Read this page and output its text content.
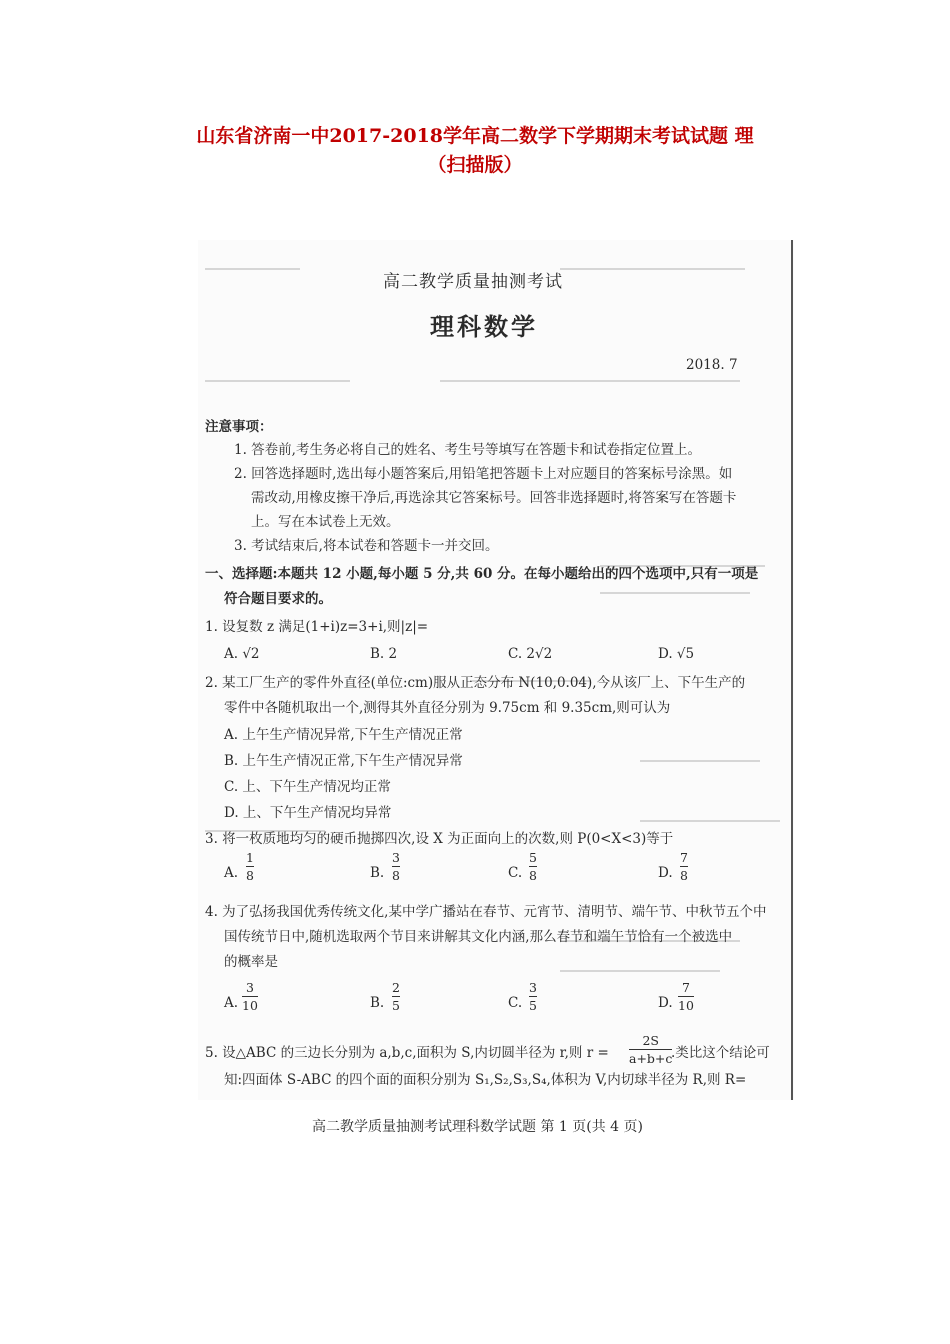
山东省济南一中2017-2018学年高二数学下学期期末考试试题 理
（扫描版）
高二教学质量抽测考试
理科数学
2018. 7
注意事项：
1. 答卷前,考生务必将自己的姓名、考生号等填写在答题卡和试卷指定位置上。
2. 回答选择题时,选出每小题答案后,用铅笔把答题卡上对应题目的答案标号涂黑。如
需改动,用橡皮擦干净后,再选涂其它答案标号。回答非选择题时,将答案写在答题卡
上。写在本试卷上无效。
3. 考试结束后,将本试卷和答题卡一并交回。
一、选择题:本题共 12 小题,每小题 5 分,共 60 分。在每小题给出的四个选项中,只有一项是
符合题目要求的。
1. 设复数 z 满足(1+i)z=3+i,则|z|=
A. √2	B. 2	C. 2√2	D. √5
2. 某工厂生产的零件外直径(单位:cm)服从正态分布 N(10,0.04),今从该厂上、下午生产的
零件中各随机取出一个,测得其外直径分别为 9.75cm 和 9.35cm,则可认为
A. 上午生产情况异常,下午生产情况正常
B. 上午生产情况正常,下午生产情况异常
C. 上、下午生产情况均正常
D. 上、下午生产情况均异常
3. 将一枚质地均匀的硬币抛掷四次,设 X 为正面向上的次数,则 P(0<X<3)等于
A.
1
8	B.
3
8	C.
5
8	D.
7
8
4. 为了弘扬我国优秀传统文化,某中学广播站在春节、元宵节、清明节、端午节、中秋节五个中
国传统节日中,随机选取两个节目来讲解其文化内涵,那么春节和端午节恰有一个被选中
的概率是
A.
3
10	B.
2
5	C.
3
5	D.
7
10
5. 设△ABC 的三边长分别为 a,b,c,面积为 S,内切圆半径为 r,则 r =
2S
a+b+c
.类比这个结论可
知:四面体 S-ABC 的四个面的面积分别为 S₁,S₂,S₃,S₄,体积为 V,内切球半径为 R,则 R=
高二教学质量抽测考试理科数学试题 第 1 页(共 4 页)
